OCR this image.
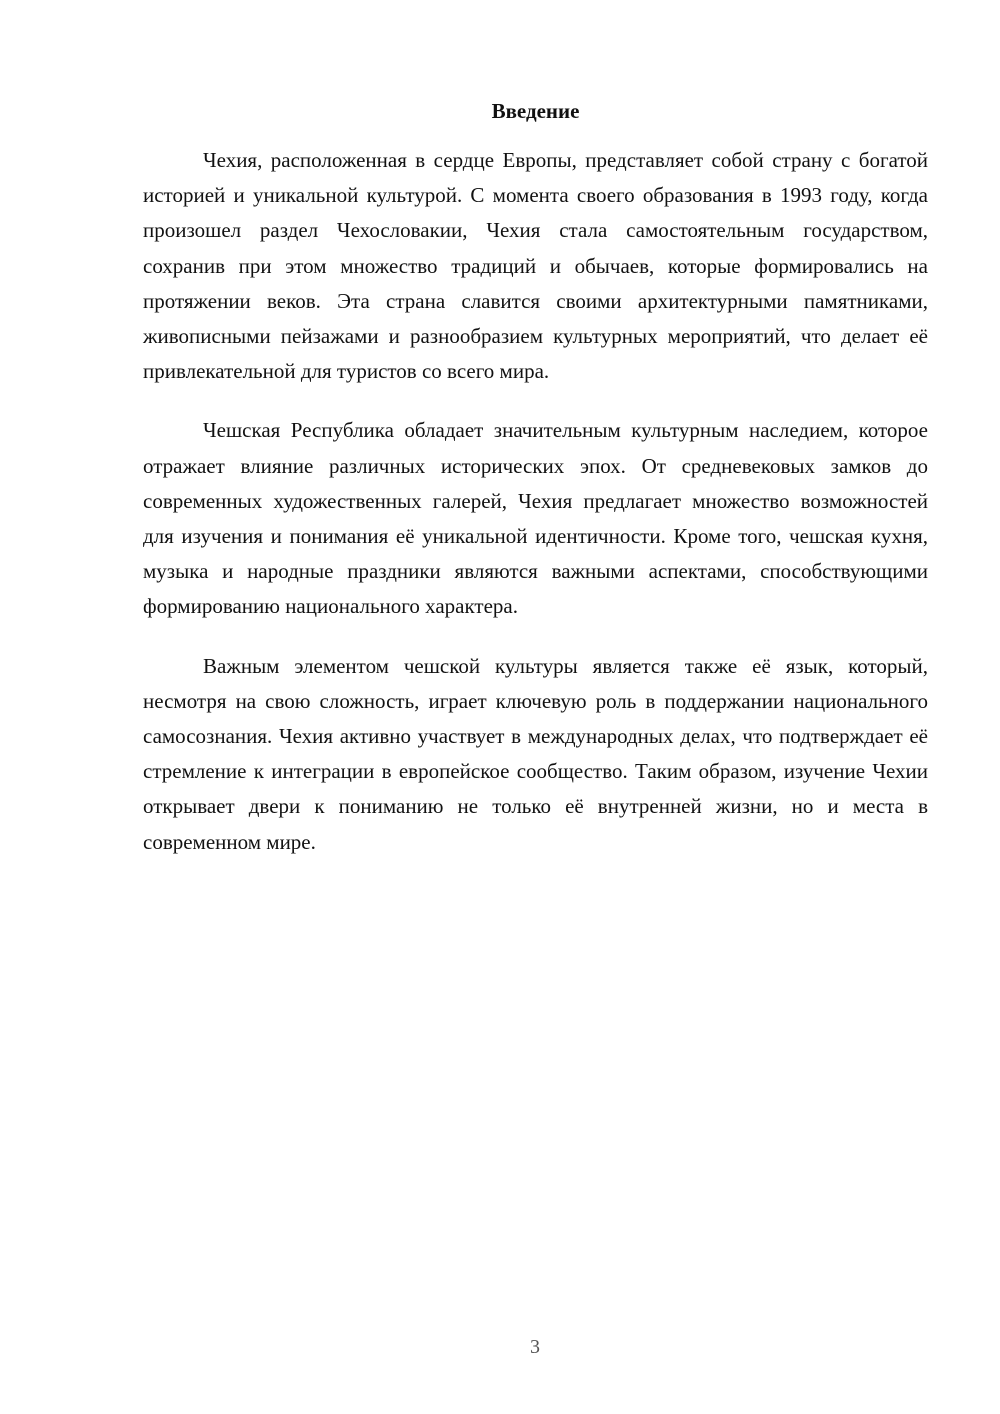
Введение

Чехия, расположенная в сердце Европы, представляет собой страну с богатой историей и уникальной культурой. С момента своего образования в 1993 году, когда произошел раздел Чехословакии, Чехия стала самостоятельным государством, сохранив при этом множество традиций и обычаев, которые формировались на протяжении веков. Эта страна славится своими архитектурными памятниками, живописными пейзажами и разнообразием культурных мероприятий, что делает её привлекательной для туристов со всего мира.

Чешская Республика обладает значительным культурным наследием, которое отражает влияние различных исторических эпох. От средневековых замков до современных художественных галерей, Чехия предлагает множество возможностей для изучения и понимания её уникальной идентичности. Кроме того, чешская кухня, музыка и народные праздники являются важными аспектами, способствующими формированию национального характера.

Важным элементом чешской культуры является также её язык, который, несмотря на свою сложность, играет ключевую роль в поддержании национального самосознания. Чехия активно участвует в международных делах, что подтверждает её стремление к интеграции в европейское сообщество. Таким образом, изучение Чехии открывает двери к пониманию не только её внутренней жизни, но и места в современном мире.

3
